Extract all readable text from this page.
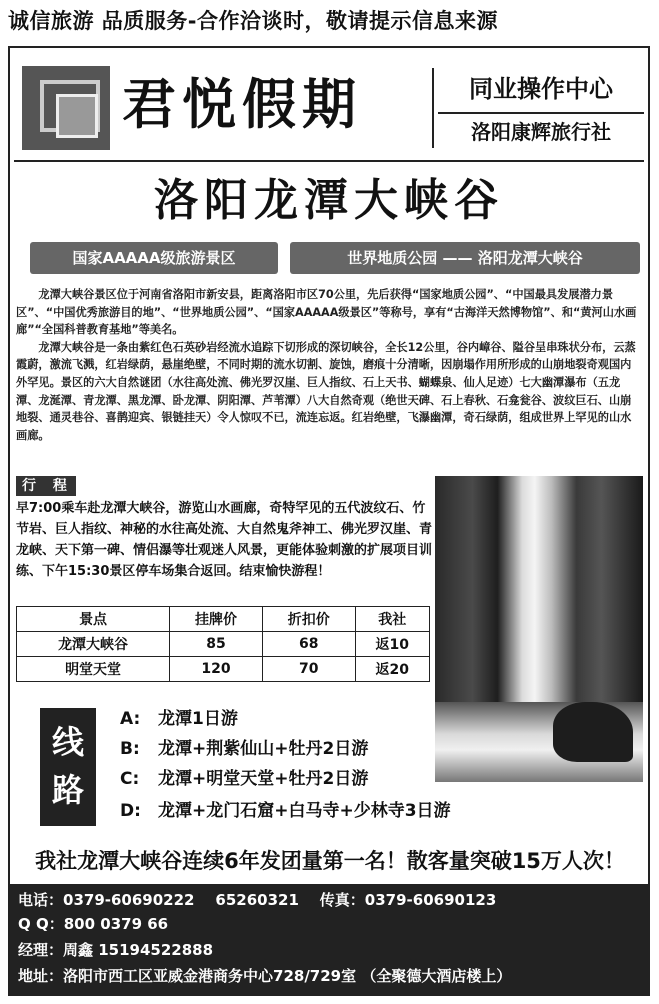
诚信旅游 品质服务-合作洽谈时，敬请提示信息来源
君悦假期	同业操作中心
洛阳康辉旅行社
洛阳龙潭大峡谷
国家AAAAA级旅游景区	世界地质公园 —— 洛阳龙潭大峡谷

龙潭大峡谷景区位于河南省洛阳市新安县，距离洛阳市区70公里，先后获得“国家地质公园”、“中国最具发展潜力景区”、“中国优秀旅游目的地”、“世界地质公园”、“国家AAAAA级景区”等称号，享有“古海洋天然博物馆”、和“黄河山水画廊”“全国科普教育基地”等美名。

龙潭大峡谷是一条由紫红色石英砂岩经流水追踪下切形成的深切峡谷，全长12公里，谷内嶂谷、隘谷呈串珠状分布，云蒸霞蔚，激流飞溅，红岩绿荫，悬崖绝壁，不同时期的流水切割、旋蚀，磨痕十分清晰，因崩塌作用所形成的山崩地裂奇观国内外罕见。景区的六大自然谜团（水往高处流、佛光罗汉崖、巨人指纹、石上天书、蝴蝶泉、仙人足迹）七大幽潭瀑布（五龙潭、龙涎潭、青龙潭、黑龙潭、卧龙潭、阴阳潭、芦苇潭）八大自然奇观（绝世天碑、石上春秋、石龛瓮谷、波纹巨石、山崩地裂、通灵巷谷、喜鹊迎宾、银链挂天）令人惊叹不已，流连忘返。红岩绝壁，飞瀑幽潭，奇石绿荫，组成世界上罕见的山水画廊。

行 程
早7:00乘车赴龙潭大峡谷，游览山水画廊，奇特罕见的五代波纹石、竹节岩、巨人指纹、神秘的水往高处流、大自然鬼斧神工、佛光罗汉崖、青龙峡、天下第一碑、情侣瀑等壮观迷人风景，更能体验刺激的扩展项目训练、下午15:30景区停车场集合返回。结束愉快游程！
景点	挂牌价	折扣价	我社
龙潭大峡谷	85	68	返10
明堂天堂	120	70	返20
线路
A: 龙潭1日游
B: 龙潭+荆紫仙山+牡丹2日游
C: 龙潭+明堂天堂+牡丹2日游
D: 龙潭+龙门石窟+白马寺+少林寺3日游
我社龙潭大峡谷连续6年发团量第一名！散客量突破15万人次！
电话：0379-60690222 65260321 传真：0379-60690123
Q Q：800 0379 66
经理：周鑫 15194522888
地址：洛阳市西工区亚威金港商务中心728/729室 （全聚德大酒店楼上）
